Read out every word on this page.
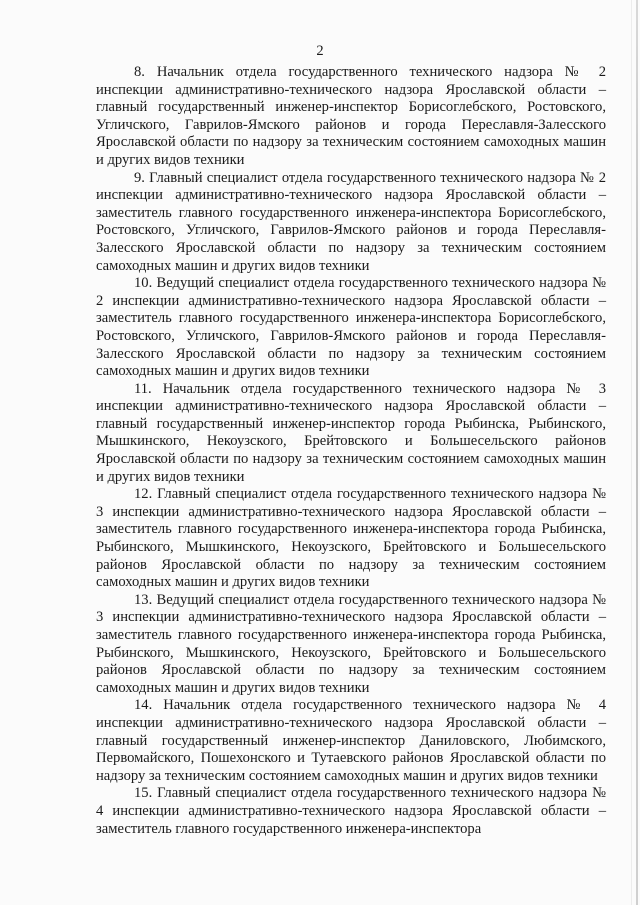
2

8. Начальник отдела государственного технического надзора № 2 инспекции административно-технического надзора Ярославской области – главный государственный инженер-инспектор Борисоглебского, Ростовского, Угличского, Гаврилов-Ямского районов и города Переславля-Залесского Ярославской области по надзору за техническим состоянием самоходных машин и других видов техники

9. Главный специалист отдела государственного технического надзора № 2 инспекции административно-технического надзора Ярославской области – заместитель главного государственного инженера-инспектора Борисоглебского, Ростовского, Угличского, Гаврилов-Ямского районов и города Переславля-Залесского Ярославской области по надзору за техническим состоянием самоходных машин и других видов техники

10. Ведущий специалист отдела государственного технического надзора № 2 инспекции административно-технического надзора Ярославской области – заместитель главного государственного инженера-инспектора Борисоглебского, Ростовского, Угличского, Гаврилов-Ямского районов и города Переславля-Залесского Ярославской области по надзору за техническим состоянием самоходных машин и других видов техники

11. Начальник отдела государственного технического надзора № 3 инспекции административно-технического надзора Ярославской области – главный государственный инженер-инспектор города Рыбинска, Рыбинского, Мышкинского, Некоузского, Брейтовского и Большесельского районов Ярославской области по надзору за техническим состоянием самоходных машин и других видов техники

12. Главный специалист отдела государственного технического надзора № 3 инспекции административно-технического надзора Ярославской области – заместитель главного государственного инженера-инспектора города Рыбинска, Рыбинского, Мышкинского, Некоузского, Брейтовского и Большесельского районов Ярославской области по надзору за техническим состоянием самоходных машин и других видов техники

13. Ведущий специалист отдела государственного технического надзора № 3 инспекции административно-технического надзора Ярославской области – заместитель главного государственного инженера-инспектора города Рыбинска, Рыбинского, Мышкинского, Некоузского, Брейтовского и Большесельского районов Ярославской области по надзору за техническим состоянием самоходных машин и других видов техники

14. Начальник отдела государственного технического надзора № 4 инспекции административно-технического надзора Ярославской области – главный государственный инженер-инспектор Даниловского, Любимского, Первомайского, Пошехонского и Тутаевского районов Ярославской области по надзору за техническим состоянием самоходных машин и других видов техники

15. Главный специалист отдела государственного технического надзора № 4 инспекции административно-технического надзора Ярославской области – заместитель главного государственного инженера-инспектора
